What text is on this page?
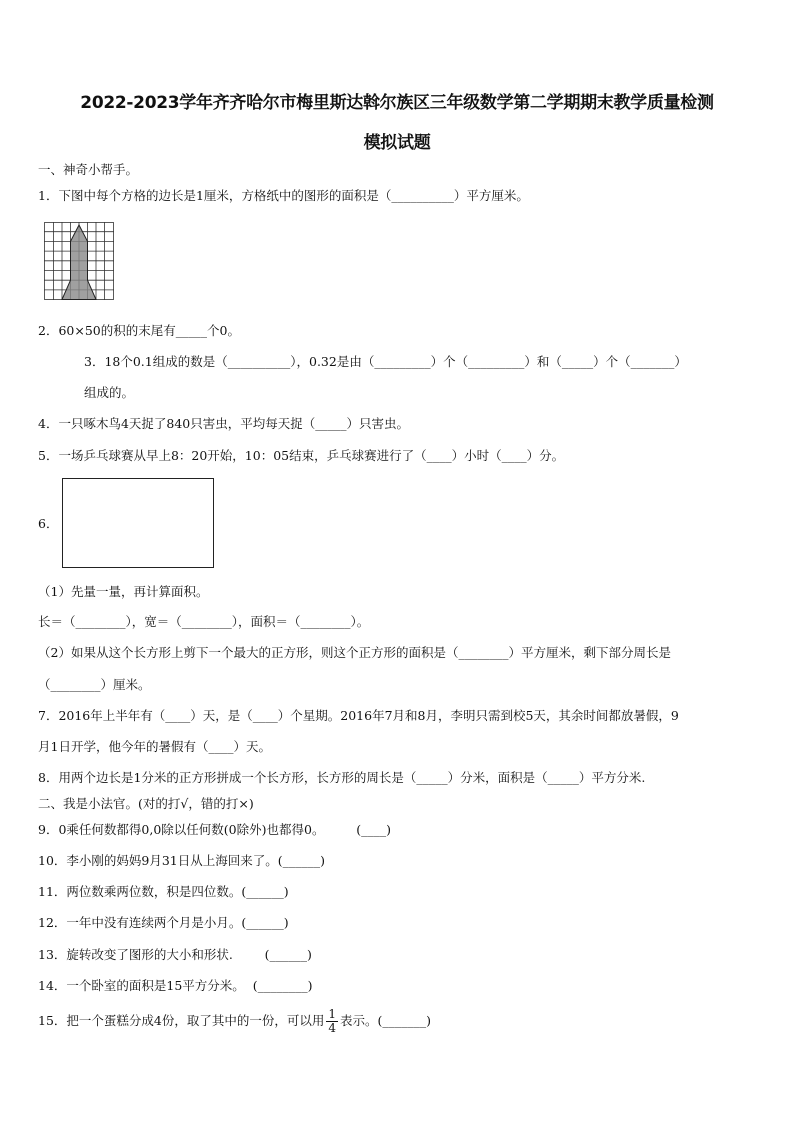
2022-2023学年齐齐哈尔市梅里斯达斡尔族区三年级数学第二学期期末教学质量检测
模拟试题
一、神奇小帮手。
1．下图中每个方格的边长是1厘米，方格纸中的图形的面积是（__________）平方厘米。
2．60×50的积的末尾有_____个0。
3．18个0.1组成的数是（__________），0.32是由（_________）个（_________）和（_____）个（_______）
组成的。
4．一只啄木鸟4天捉了840只害虫，平均每天捉（_____）只害虫。
5．一场乒乓球赛从早上8：20开始，10：05结束，乒乓球赛进行了（____）小时（____）分。
6．
（1）先量一量，再计算面积。
长＝（________），宽＝（________），面积＝（________）。
（2）如果从这个长方形上剪下一个最大的正方形，则这个正方形的面积是（________）平方厘米，剩下部分周长是
（________）厘米。
7．2016年上半年有（____）天，是（____）个星期。2016年7月和8月，李明只需到校5天，其余时间都放暑假，9
月1日开学，他今年的暑假有（____）天。
8．用两个边长是1分米的正方形拼成一个长方形，长方形的周长是（_____）分米，面积是（_____）平方分米.
二、我是小法官。(对的打√，错的打×)
9．0乘任何数都得0,0除以任何数(0除外)也都得0。        (____)
10．李小刚的妈妈9月31日从上海回来了。(______)
11．两位数乘两位数，积是四位数。(______)
12．一年中没有连续两个月是小月。(______)
13．旋转改变了图形的大小和形状.        (______)
14．一个卧室的面积是15平方分米。  (________)
15．把一个蛋糕分成4份，取了其中的一份，可以用 $\frac{1}{4}$ 表示。(_______)
